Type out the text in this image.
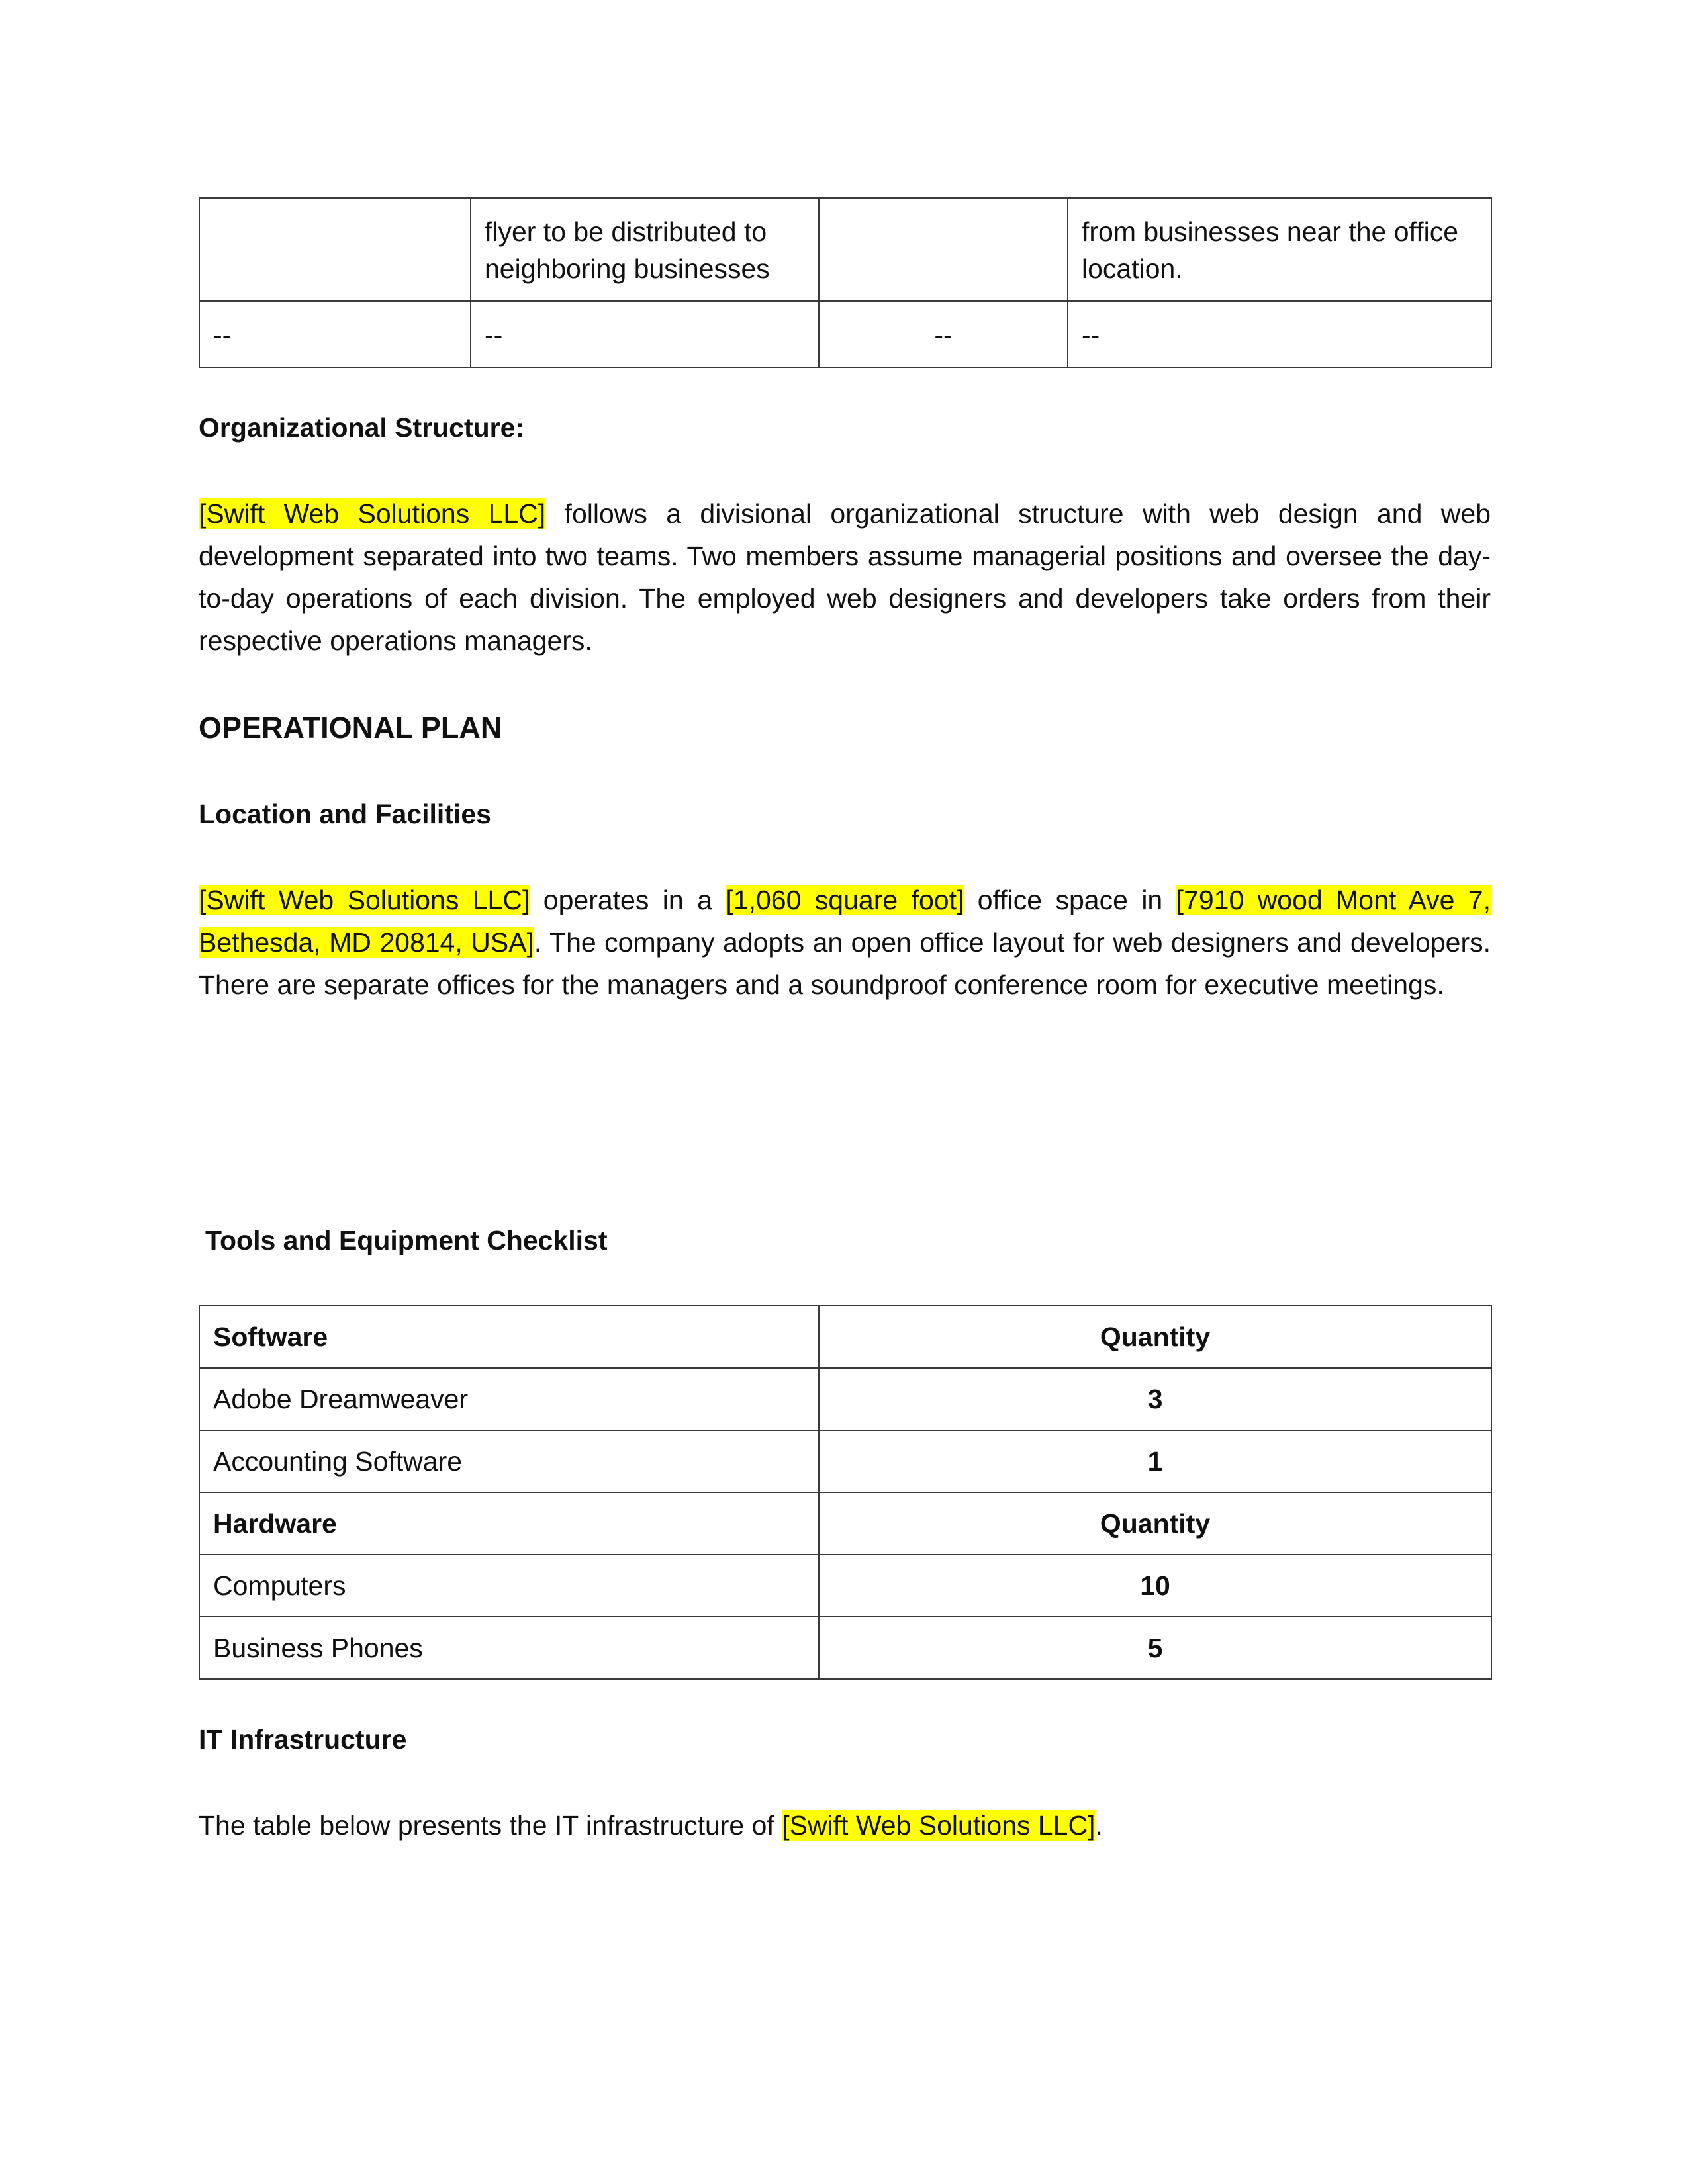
	flyer to be distributed to neighboring businesses		from businesses near the office location.
--	--	--	--

Organizational Structure:

[Swift Web Solutions LLC] follows a divisional organizational structure with web design and web development separated into two teams. Two members assume managerial positions and oversee the day-to-day operations of each division. The employed web designers and developers take orders from their respective operations managers.

OPERATIONAL PLAN

Location and Facilities

[Swift Web Solutions LLC] operates in a [1,060 square foot] office space in [7910 wood Mont Ave 7, Bethesda, MD 20814, USA]. The company adopts an open office layout for web designers and developers. There are separate offices for the managers and a soundproof conference room for executive meetings.

Tools and Equipment Checklist

Software	Quantity
Adobe Dreamweaver	3
Accounting Software	1
Hardware	Quantity
Computers	10
Business Phones	5

IT Infrastructure

The table below presents the IT infrastructure of [Swift Web Solutions LLC].
